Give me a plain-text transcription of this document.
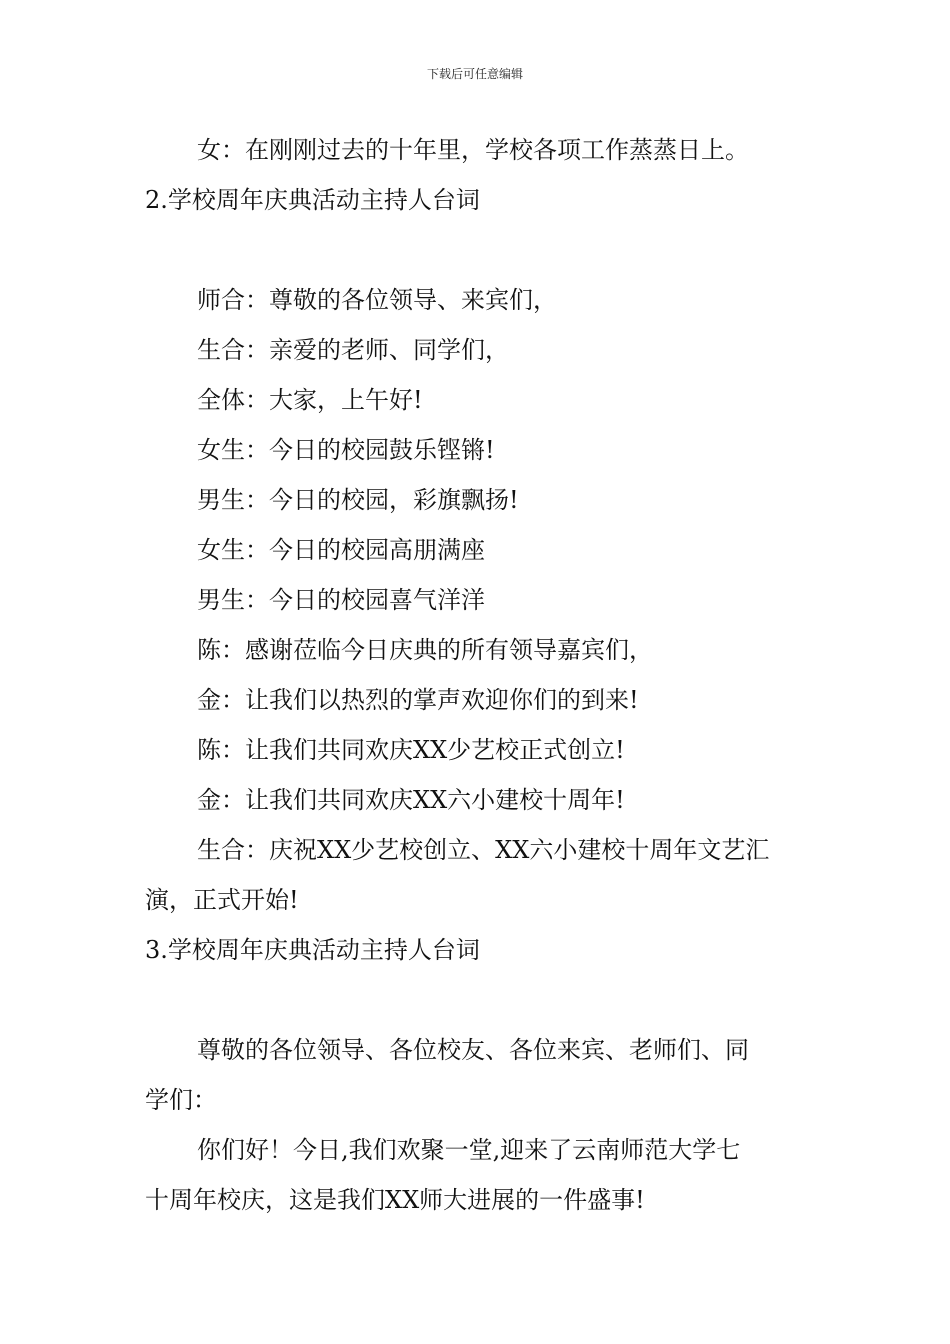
下载后可任意编辑
女：在刚刚过去的十年里，学校各项工作蒸蒸日上。
2.学校周年庆典活动主持人台词
师合：尊敬的各位领导、来宾们，
生合：亲爱的老师、同学们，
全体：大家，上午好!
女生：今日的校园鼓乐铿锵!
男生：今日的校园，彩旗飘扬!
女生：今日的校园高朋满座
男生：今日的校园喜气洋洋
陈：感谢莅临今日庆典的所有领导嘉宾们，
金：让我们以热烈的掌声欢迎你们的到来!
陈：让我们共同欢庆XX少艺校正式创立!
金：让我们共同欢庆XX六小建校十周年!
生合：庆祝XX少艺校创立、XX六小建校十周年文艺汇
演，正式开始!
3.学校周年庆典活动主持人台词
尊敬的各位领导、各位校友、各位来宾、老师们、同
学们：
你们好！今日,我们欢聚一堂,迎来了云南师范大学七
十周年校庆，这是我们XX师大进展的一件盛事!
